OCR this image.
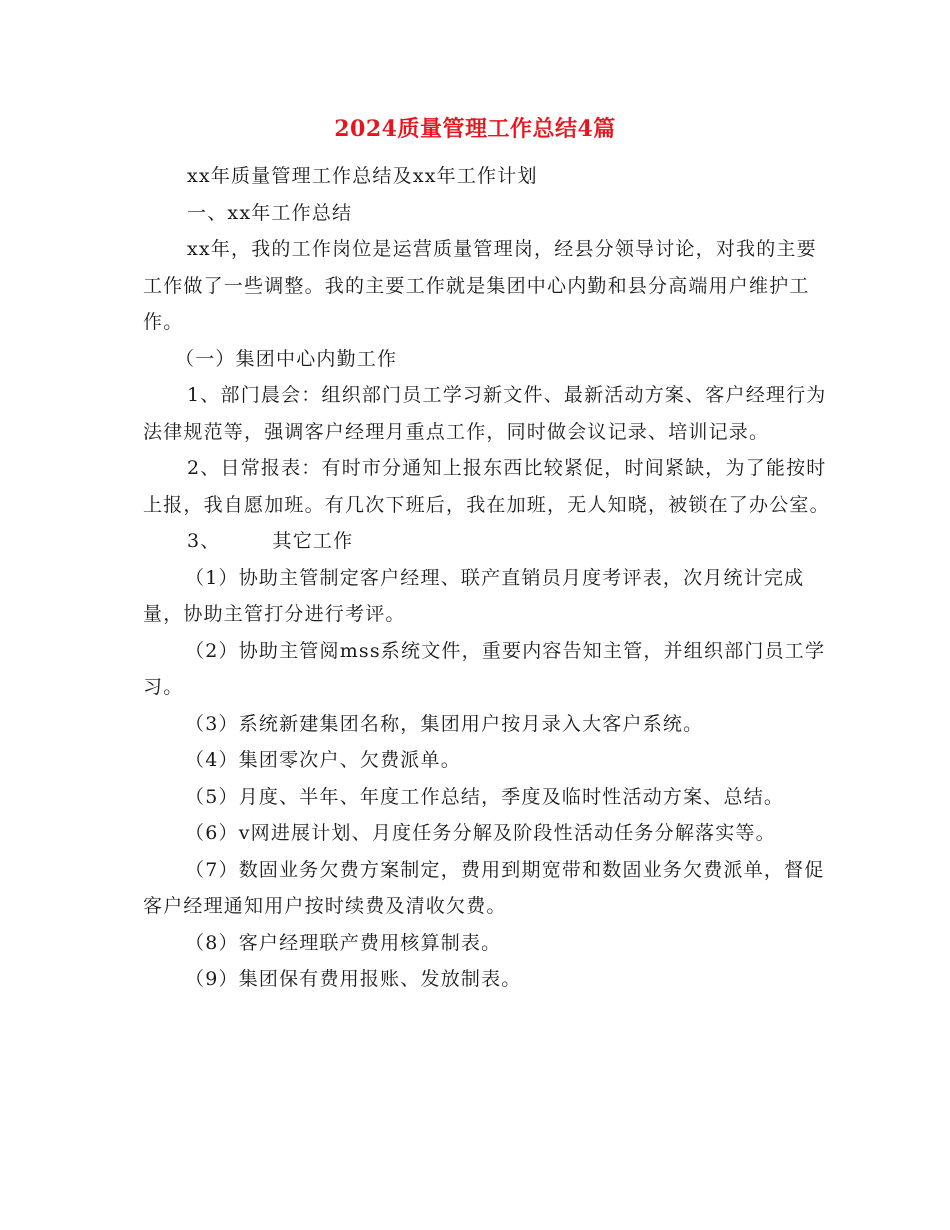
2024质量管理工作总结4篇

xx年质量管理工作总结及xx年工作计划

一、xx年工作总结

xx年，我的工作岗位是运营质量管理岗，经县分领导讨论，对我的主要工作做了一些调整。我的主要工作就是集团中心内勤和县分高端用户维护工作。

（一）集团中心内勤工作

1、部门晨会：组织部门员工学习新文件、最新活动方案、客户经理行为法律规范等，强调客户经理月重点工作，同时做会议记录、培训记录。

2、日常报表：有时市分通知上报东西比较紧促，时间紧缺，为了能按时上报，我自愿加班。有几次下班后，我在加班，无人知晓，被锁在了办公室。

3、	其它工作

（1）协助主管制定客户经理、联产直销员月度考评表，次月统计完成量，协助主管打分进行考评。

（2）协助主管阅mss系统文件，重要内容告知主管，并组织部门员工学习。

（3）系统新建集团名称，集团用户按月录入大客户系统。

（4）集团零次户、欠费派单。

（5）月度、半年、年度工作总结，季度及临时性活动方案、总结。

（6）v网进展计划、月度任务分解及阶段性活动任务分解落实等。

（7）数固业务欠费方案制定，费用到期宽带和数固业务欠费派单，督促客户经理通知用户按时续费及清收欠费。

（8）客户经理联产费用核算制表。

（9）集团保有费用报账、发放制表。
